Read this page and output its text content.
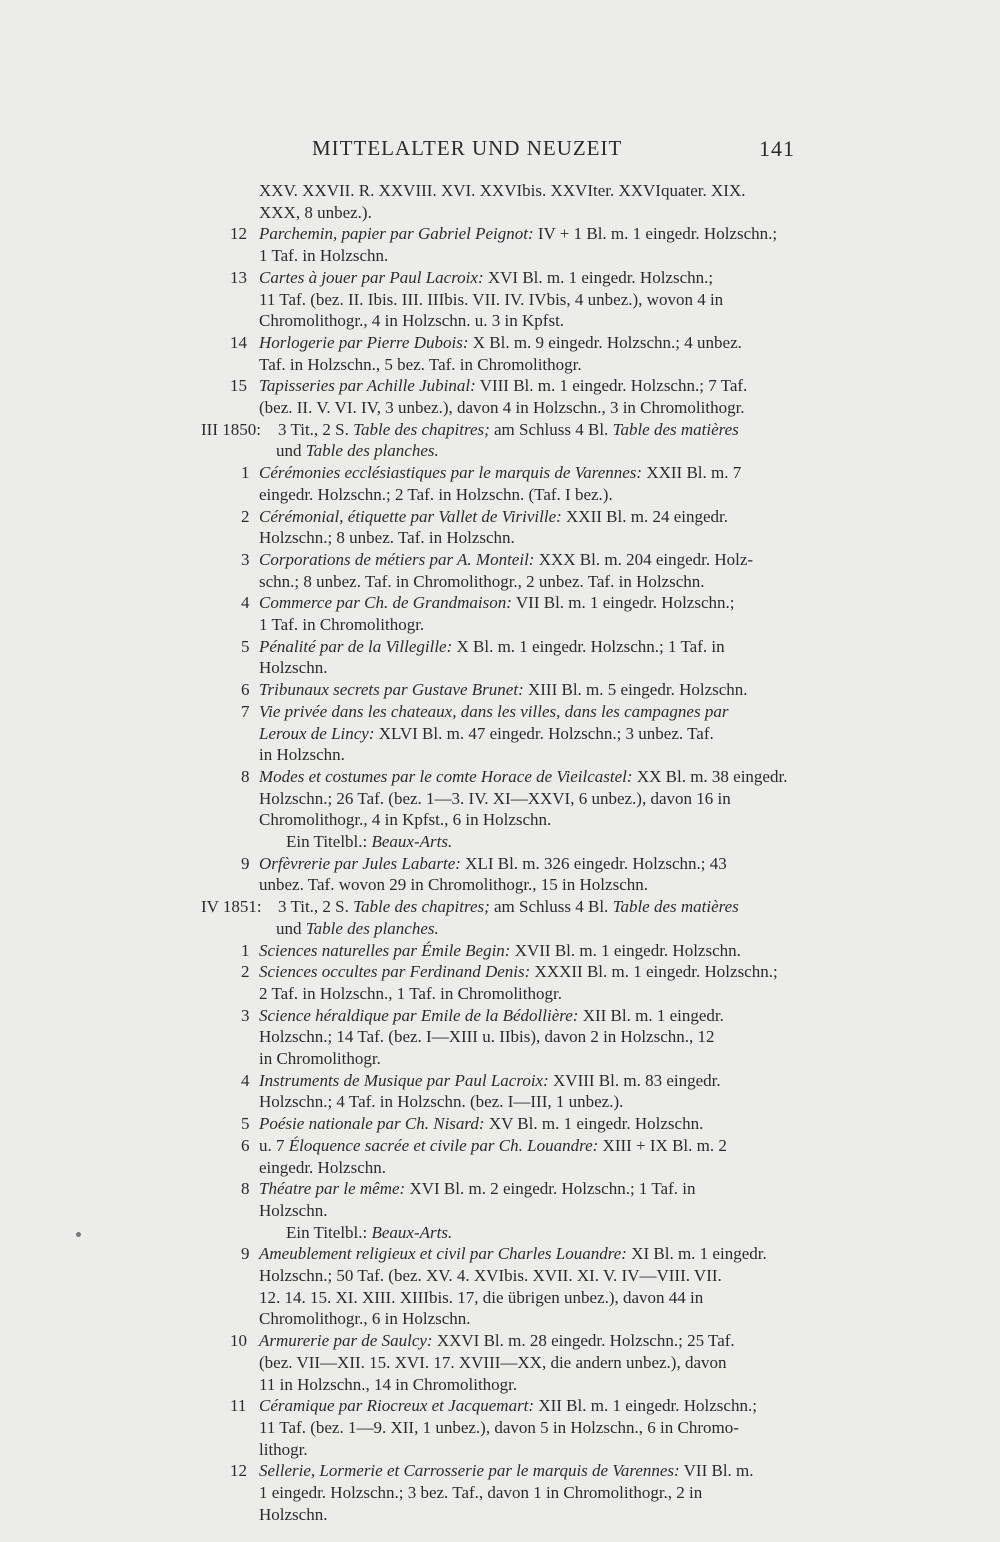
MITTELALTER UND NEUZEIT	141
XXV. XXVII. R. XXVIII. XVI. XXVIbis. XXVIter. XXVIquater. XIX.
XXX, 8 unbez.).
12 Parchemin, papier par Gabriel Peignot: IV + 1 Bl. m. 1 eingedr. Holzschn.;
1 Taf. in Holzschn.
13 Cartes à jouer par Paul Lacroix: XVI Bl. m. 1 eingedr. Holzschn.;
11 Taf. (bez. II. Ibis. III. IIIbis. VII. IV. IVbis, 4 unbez.), wovon 4 in
Chromolithogr., 4 in Holzschn. u. 3 in Kpfst.
14 Horlogerie par Pierre Dubois: X Bl. m. 9 eingedr. Holzschn.; 4 unbez.
Taf. in Holzschn., 5 bez. Taf. in Chromolithogr.
15 Tapisseries par Achille Jubinal: VIII Bl. m. 1 eingedr. Holzschn.; 7 Taf.
(bez. II. V. VI. IV, 3 unbez.), davon 4 in Holzschn., 3 in Chromolithogr.
III 1850: 3 Tit., 2 S. Table des chapitres; am Schluss 4 Bl. Table des matières
und Table des planches.
1 Cérémonies ecclésiastiques par le marquis de Varennes: XXII Bl. m. 7
eingedr. Holzschn.; 2 Taf. in Holzschn. (Taf. I bez.).
2 Cérémonial, étiquette par Vallet de Viriville: XXII Bl. m. 24 eingedr.
Holzschn.; 8 unbez. Taf. in Holzschn.
3 Corporations de métiers par A. Monteil: XXX Bl. m. 204 eingedr. Holz-
schn.; 8 unbez. Taf. in Chromolithogr., 2 unbez. Taf. in Holzschn.
4 Commerce par Ch. de Grandmaison: VII Bl. m. 1 eingedr. Holzschn.;
1 Taf. in Chromolithogr.
5 Pénalité par de la Villegille: X Bl. m. 1 eingedr. Holzschn.; 1 Taf. in
Holzschn.
6 Tribunaux secrets par Gustave Brunet: XIII Bl. m. 5 eingedr. Holzschn.
7 Vie privée dans les chateaux, dans les villes, dans les campagnes par
Leroux de Lincy: XLVI Bl. m. 47 eingedr. Holzschn.; 3 unbez. Taf.
in Holzschn.
8 Modes et costumes par le comte Horace de Vieilcastel: XX Bl. m. 38 eingedr.
Holzschn.; 26 Taf. (bez. 1—3. IV. XI—XXVI, 6 unbez.), davon 16 in
Chromolithogr., 4 in Kpfst., 6 in Holzschn.
Ein Titelbl.: Beaux-Arts.
9 Orfèvrerie par Jules Labarte: XLI Bl. m. 326 eingedr. Holzschn.; 43
unbez. Taf. wovon 29 in Chromolithogr., 15 in Holzschn.
IV 1851: 3 Tit., 2 S. Table des chapitres; am Schluss 4 Bl. Table des matières
und Table des planches.
1 Sciences naturelles par Émile Begin: XVII Bl. m. 1 eingedr. Holzschn.
2 Sciences occultes par Ferdinand Denis: XXXII Bl. m. 1 eingedr. Holzschn.;
2 Taf. in Holzschn., 1 Taf. in Chromolithogr.
3 Science héraldique par Emile de la Bédollière: XII Bl. m. 1 eingedr.
Holzschn.; 14 Taf. (bez. I—XIII u. IIbis), davon 2 in Holzschn., 12
in Chromolithogr.
4 Instruments de Musique par Paul Lacroix: XVIII Bl. m. 83 eingedr.
Holzschn.; 4 Taf. in Holzschn. (bez. I—III, 1 unbez.).
5 Poésie nationale par Ch. Nisard: XV Bl. m. 1 eingedr. Holzschn.
6 u. 7 Éloquence sacrée et civile par Ch. Louandre: XIII + IX Bl. m. 2
eingedr. Holzschn.
8 Théatre par le même: XVI Bl. m. 2 eingedr. Holzschn.; 1 Taf. in
Holzschn.
Ein Titelbl.: Beaux-Arts.
9 Ameublement religieux et civil par Charles Louandre: XI Bl. m. 1 eingedr.
Holzschn.; 50 Taf. (bez. XV. 4. XVIbis. XVII. XI. V. IV—VIII. VII.
12. 14. 15. XI. XIII. XIIIbis. 17, die übrigen unbez.), davon 44 in
Chromolithogr., 6 in Holzschn.
10 Armurerie par de Saulcy: XXVI Bl. m. 28 eingedr. Holzschn.; 25 Taf.
(bez. VII—XII. 15. XVI. 17. XVIII—XX, die andern unbez.), davon
11 in Holzschn., 14 in Chromolithogr.
11 Céramique par Riocreux et Jacquemart: XII Bl. m. 1 eingedr. Holzschn.;
11 Taf. (bez. 1—9. XII, 1 unbez.), davon 5 in Holzschn., 6 in Chromo-
lithogr.
12 Sellerie, Lormerie et Carrosserie par le marquis de Varennes: VII Bl. m.
1 eingedr. Holzschn.; 3 bez. Taf., davon 1 in Chromolithogr., 2 in
Holzschn.
